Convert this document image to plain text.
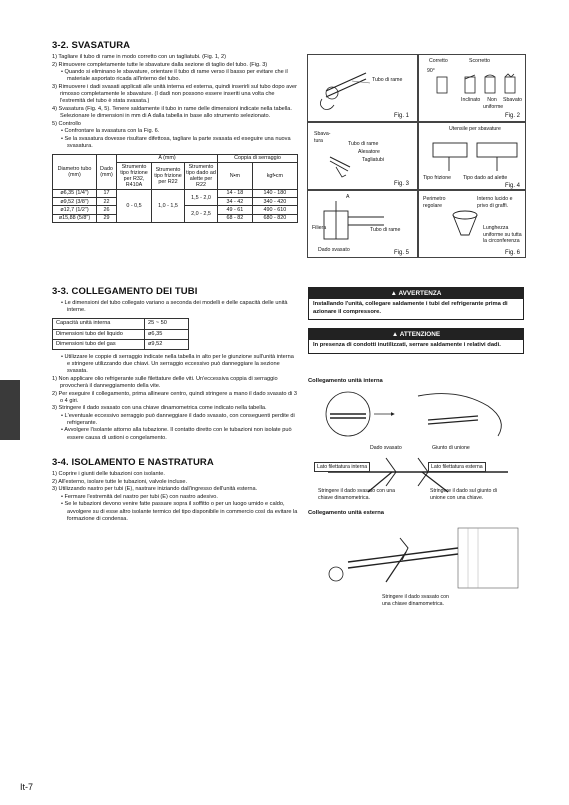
It-7
3-2. SVASATURA
1) Tagliare il tubo di rame in modo corretto con un tagliatubi. (Fig. 1, 2)
2) Rimuovere completamente tutte le sbavature dalla sezione di taglio del tubo. (Fig. 3)
• Quando si eliminano le sbavature, orientare il tubo di rame verso il basso per evitare che il materiale asportato ricada all'interno del tubo.
3) Rimuovere i dadi svasati applicati alle unità interna ed esterna, quindi inserirli sul tubo dopo aver rimosso completamente le sbavature. (I dadi non possono essere inseriti una volta che l'estremità del tubo è stata svasata.)
4) Svasatura (Fig. 4, 5). Tenere saldamente il tubo in rame delle dimensioni indicate nella tabella. Selezionare le dimensioni in mm di A dalla tabella in base allo strumento selezionato.
5) Controllo
• Confrontare la svasatura con la Fig. 6.
• Se la svasatura dovesse risultare difettosa, tagliare la parte svasata ed eseguire una nuova svasatura.
Diametro tubo (mm)	Dado (mm)	A (mm)			Coppia di serraggio	
		Strumento tipo frizione per R32, R410A	Strumento tipo frizione per R22	Strumento tipo dado ad alette per R22	N•m	kgf•cm
ø6,35 (1/4")	17	0 - 0,5	1,0 - 1,5	1,5 - 2,0	14 - 18	140 - 180
ø9,52 (3/8")	22				34 - 42	340 - 420
ø12,7 (1/2")	26			2,0 - 2,5	49 - 61	490 - 610
ø15,88 (5/8")	29				68 - 82	680 - 820
3-3. COLLEGAMENTO DEI TUBI
• Le dimensioni del tubo collegato variano a seconda dei modelli e delle capacità delle unità interne.
Capacità unità interna	25 ~ 50
Dimensioni tubo del liquido	ø6,35
Dimensioni tubo del gas	ø9,52
• Utilizzare le coppie di serraggio indicate nella tabella in alto per le giunzione sull'unità interna e stringere utilizzando due chiavi. Un serraggio eccessivo può danneggiare la sezione svasata.
1) Non applicare olio refrigerante sulle filettature delle viti. Un'eccessiva coppia di serraggio provocherà il danneggiamento della vite.
2) Per eseguire il collegamento, prima allineare centro, quindi stringere a mano il dado svasato di 3 o 4 giri.
3) Stringere il dado svasato con una chiave dinamometrica come indicato nella tabella.
• L'eventuale eccessivo serraggio può danneggiare il dado svasato, con conseguenti perdite di refrigerante.
• Avvolgere l'isolante attorno alla tubazione. Il contatto diretto con le tubazioni non isolate può essere causa di ustioni o congelamento.
3-4. ISOLAMENTO E NASTRATURA
1) Coprire i giunti delle tubazioni con isolante.
2) All'esterno, isolare tutte le tubazioni, valvole incluse.
3) Utilizzando nastro per tubi (E), nastrare iniziando dall'ingresso dell'unità esterna.
• Fermare l'estremità del nastro per tubi (E) con nastro adesivo.
• Se le tubazioni devono venire fatte passare sopra il soffitto o per un luogo umido e caldo, avvolgere su di esse altro isolante termico del tipo disponibile in commercio così da evitare la formazione di condensa.
Tubo di rame
Fig. 1
Corretto	Scorretto
90°
Inclinato	Non uniforme
Sbavato
Fig. 2
Sbava-tura
Tubo di rame
Alesatore
Tagliatubi
Fig. 3
Utensile per sbavature
Tipo frizione Tipo dado ad alette
Fig. 4
A
Filiera	Tubo di rame
Dado svasato	Fig. 5
Perimetro regolare
Interno lucido e privo di graffi.
Lunghezza uniforme su tutta la circonferenza
Fig. 6
▲ AVVERTENZA
Installando l'unità, collegare saldamente i tubi del refrigerante prima di azionare il compressore.
▲ ATTENZIONE
In presenza di condotti inutilizzati, serrare saldamente i relativi dadi.
Collegamento unità interna
Dado svasato	Giunto di unione
Lato filettatura interna	Lato filettatura esterna
Stringere il dado svasato con una chiave dinamometrica.
Stringere il dado sul giunto di unione con una chiave.
Collegamento unità esterna
Stringere il dado svasato con una chiave dinamometrica.
